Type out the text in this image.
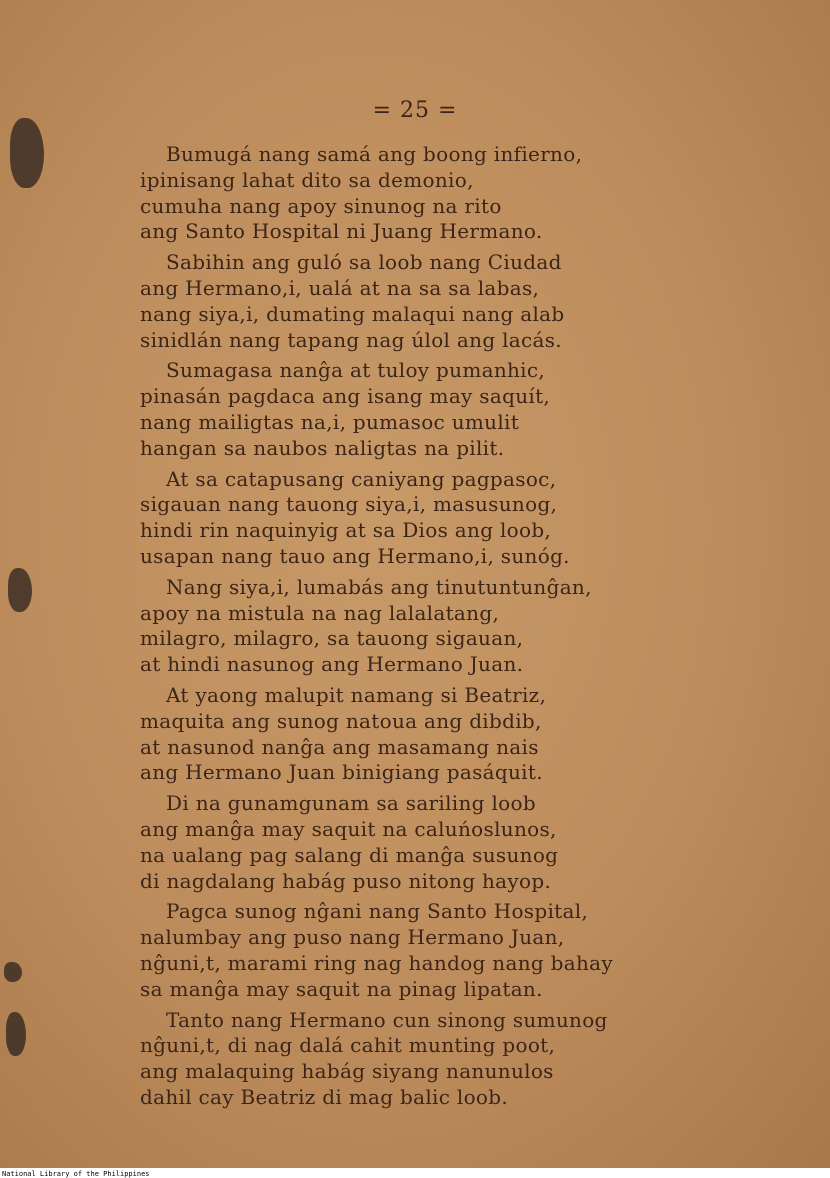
= 25 =
Bumugá nang samá ang boong infierno,
ipinisang lahat dito sa demonio,
cumuha nang apoy sinunog na rito
ang Santo Hospital ni Juang Hermano.
Sabihin ang guló sa loob nang Ciudad
ang Hermano,i, ualá at na sa sa labas,
nang siya,i, dumating malaqui nang alab
sinidlán nang tapang nag úlol ang lacás.
Sumagasa nanĝa at tuloy pumanhic,
pinasán pagdaca ang isang may saquít,
nang mailigtas na,i, pumasoc umulit
hangan sa naubos naligtas na pilit.
At sa catapusang caniyang pagpasoc,
sigauan nang tauong siya,i, masusunog,
hindi rin naquinyig at sa Dios ang loob,
usapan nang tauo ang Hermano,i, sunóg.
Nang siya,i, lumabás ang tinutuntunĝan,
apoy na mistula na nag lalalatang,
milagro, milagro, sa tauong sigauan,
at hindi nasunog ang Hermano Juan.
At yaong malupit namang si Beatriz,
maquita ang sunog natoua ang dibdib,
at nasunod nanĝa ang masamang nais
ang Hermano Juan binigiang pasáquit.
Di na gunamgunam sa sariling loob
ang manĝa may saquit na caluńoslunos,
na ualang pag salang di manĝa susunog
di nagdalang habág puso nitong hayop.
Pagca sunog nĝani nang Santo Hospital,
nalumbay ang puso nang Hermano Juan,
nĝuni,t, marami ring nag handog nang bahay
sa manĝa may saquit na pinag lipatan.
Tanto nang Hermano cun sinong sumunog
nĝuni,t, di nag dalá cahit munting poot,
ang malaquing habág siyang nanunulos
dahil cay Beatriz di mag balic loob.
National Library of the Philippines
